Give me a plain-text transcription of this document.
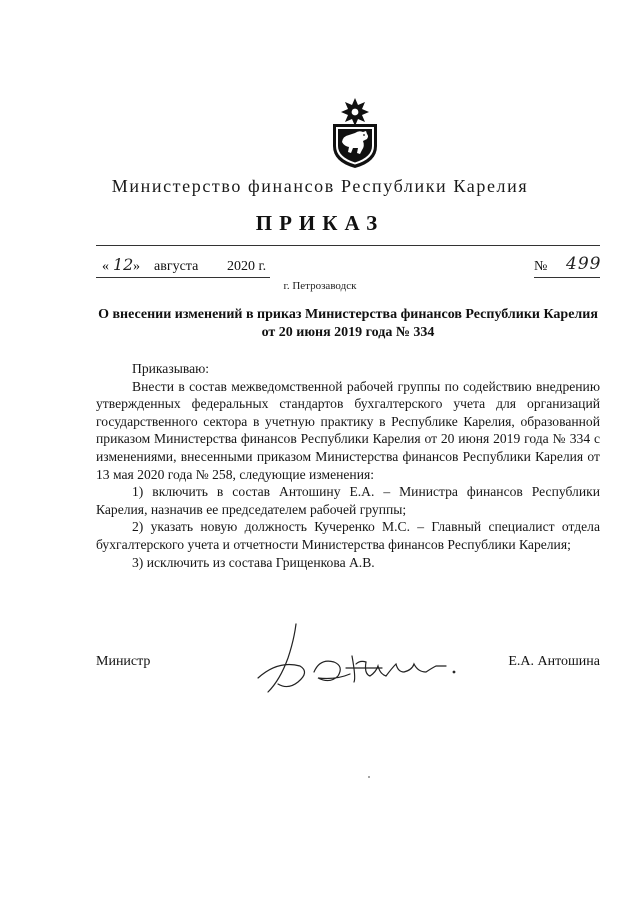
Министерство финансов Республики Карелия
ПРИКАЗ
« 12 » августа 2020 г.	№ 499
г. Петрозаводск
О внесении изменений в приказ Министерства финансов Республики Карелия от 20 июня 2019 года № 334

Приказываю:

Внести в состав межведомственной рабочей группы по содействию внедрению утвержденных федеральных стандартов бухгалтерского учета для организаций государственного сектора в учетную практику в Республике Карелия, образованной приказом Министерства финансов Республики Карелия от 20 июня 2019 года № 334 с изменениями, внесенными приказом Министерства финансов Республики Карелия от 13 мая 2020 года № 258, следующие изменения:

1) включить в состав Антошину Е.А. – Министра финансов Республики Карелия, назначив ее председателем рабочей группы;

2) указать новую должность Кучеренко М.С. – Главный специалист отдела бухгалтерского учета и отчетности Министерства финансов Республики Карелия;

3) исключить из состава Грищенкова А.В.

Министр	Е.А. Антошина
